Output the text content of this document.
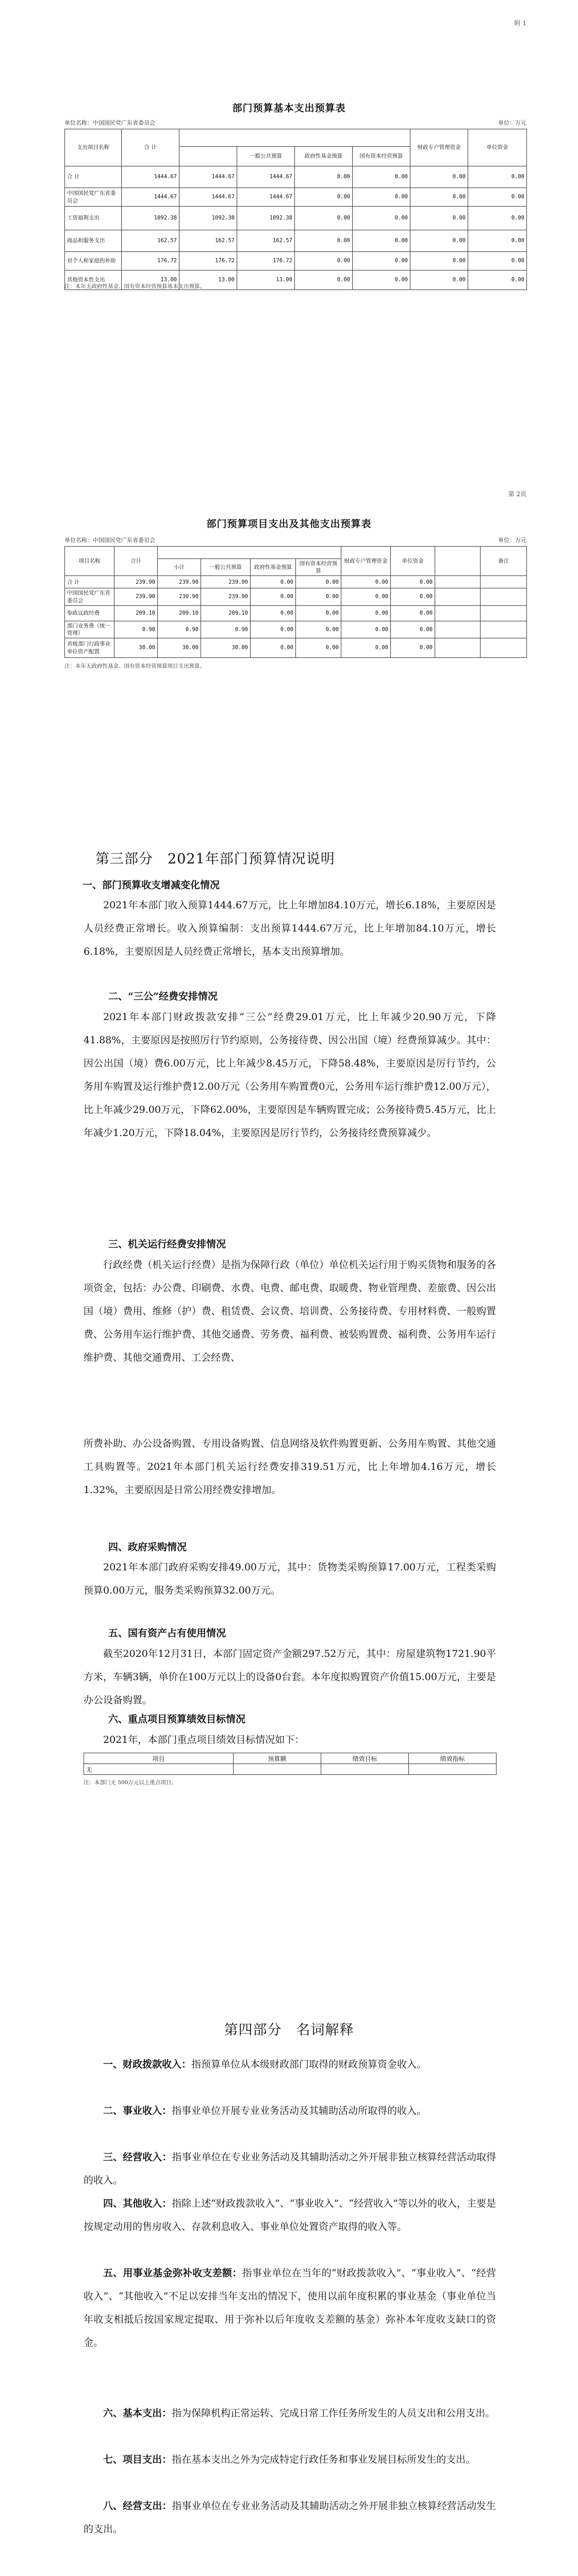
附 1
部门预算基本支出预算表
单位名称：中国国民党广东省委员会	单位：万元
支出项目名称	合 计					财政专户管理资金	单位资金
			一般公共预算	政府性基金预算	国有资本经营预算		
合 计	1444.67	1444.67	1444.67	0.00	0.00	0.00	0.00
中国国民党广东省委员会	1444.67	1444.67	1444.67	0.00	0.00	0.00	0.00
工资福利支出	1092.38	1092.38	1092.38	0.00	0.00	0.00	0.00
商品和服务支出	162.57	162.57	162.57	0.00	0.00	0.00	0.00
对个人和家庭的补助	176.72	176.72	176.72	0.00	0.00	0.00	0.00
其他资本性支出	13.00	13.00	13.00	0.00	0.00	0.00	0.00
注：本年无政府性基金、国有资本经营预算基本支出预算。
第 2页
部门预算项目支出及其他支出预算表
单位名称：中国国民党广东省委员会	单位：万元
项目名称	合计					财政专户管理资金	单位资金		备注
		小计	一般公共预算	政府性基金预算	国有资本经营预算				
合 计	239.90	239.90	239.90	0.00	0.00	0.00	0.00		
中国国民党广东省委员会	239.90	239.90	239.90	0.00	0.00	0.00	0.00		
参政议政经费	209.10	209.10	209.10	0.00	0.00	0.00	0.00		
部门业务费（统一管理）	0.90	0.90	0.90	0.00	0.00	0.00	0.00		
省级部门行政事业单位资产配置	30.00	30.00	30.00	0.00	0.00	0.00	0.00		
注：本年无政府性基金、国有资本经营预算项目支出预算。
第三部分　2021年部门预算情况说明
一、部门预算收支增减变化情况
2021年本部门收入预算1444.67万元，比上年增加84.10万元，增长6.18%，主要原因是人员经费正常增长。收入预算编制：支出预算1444.67万元，比上年增加84.10万元，增长6.18%，主要原因是人员经费正常增长，基本支出预算增加。
二、“三公”经费安排情况
2021年本部门财政拨款安排“三公”经费29.01万元，比上年减少20.90万元，下降41.88%，主要原因是按照厉行节约原则，公务接待费、因公出国（境）经费预算减少。其中：因公出国（境）费6.00万元，比上年减少8.45万元，下降58.48%，主要原因是厉行节约，公务用车购置及运行维护费12.00万元（公务用车购置费0元，公务用车运行维护费12.00万元），比上年减少29.00万元，下降62.00%，主要原因是车辆购置完成；公务接待费5.45万元，比上年减少1.20万元，下降18.04%，主要原因是厉行节约，公务接待经费预算减少。
三、机关运行经费安排情况
行政经费（机关运行经费）是指为保障行政（单位）单位机关运行用于购买货物和服务的各项资金，包括：办公费、印刷费、水费、电费、邮电费、取暖费、物业管理费、差旅费、因公出国（境）费用、维修（护）费、租赁费、会议费、培训费、公务接待费、专用材料费、一般购置费、公务用车运行维护费、其他交通费、劳务费、福利费、被装购置费、福利费、公务用车运行维护费、其他交通费用、工会经费、
所费补助、办公设备购置、专用设备购置、信息网络及软件购置更新、公务用车购置、其他交通工具购置等。2021年本部门机关运行经费安排319.51万元，比上年增加4.16万元，增长1.32%，主要原因是日常公用经费安排增加。
四、政府采购情况
2021年本部门政府采购安排49.00万元，其中：货物类采购预算17.00万元，工程类采购预算0.00万元，服务类采购预算32.00万元。
五、国有资产占有使用情况
截至2020年12月31日，本部门固定资产金额297.52万元，其中：房屋建筑物1721.90平方米，车辆3辆，单价在100万元以上的设备0台套。本年度拟购置资产价值15.00万元，主要是办公设备购置。
六、重点项目预算绩效目标情况
2021年，本部门重点项目绩效目标情况如下：
项目	预算额	绩效目标	绩效指标
无			
注：本部门无 500万元以上重点项目。
第四部分　名词解释
一、财政拨款收入：指预算单位从本级财政部门取得的财政预算资金收入。
二、事业收入：指事业单位开展专业业务活动及其辅助活动所取得的收入。
三、经营收入：指事业单位在专业业务活动及其辅助活动之外开展非独立核算经营活动取得的收入。
四、其他收入：指除上述“财政拨款收入”、“事业收入”、“经营收入”等以外的收入，主要是按规定动用的售房收入、存款利息收入、事业单位处置资产取得的收入等。
五、用事业基金弥补收支差额：指事业单位在当年的“财政拨款收入”、“事业收入”、“经营收入”、“其他收入”不足以安排当年支出的情况下，使用以前年度积累的事业基金（事业单位当年收支相抵后按国家规定提取、用于弥补以后年度收支差额的基金）弥补本年度收支缺口的资金。
六、基本支出：指为保障机构正常运转、完成日常工作任务所发生的人员支出和公用支出。
七、项目支出：指在基本支出之外为完成特定行政任务和事业发展目标所发生的支出。
八、经营支出：指事业单位在专业业务活动及其辅助活动之外开展非独立核算经营活动发生的支出。
